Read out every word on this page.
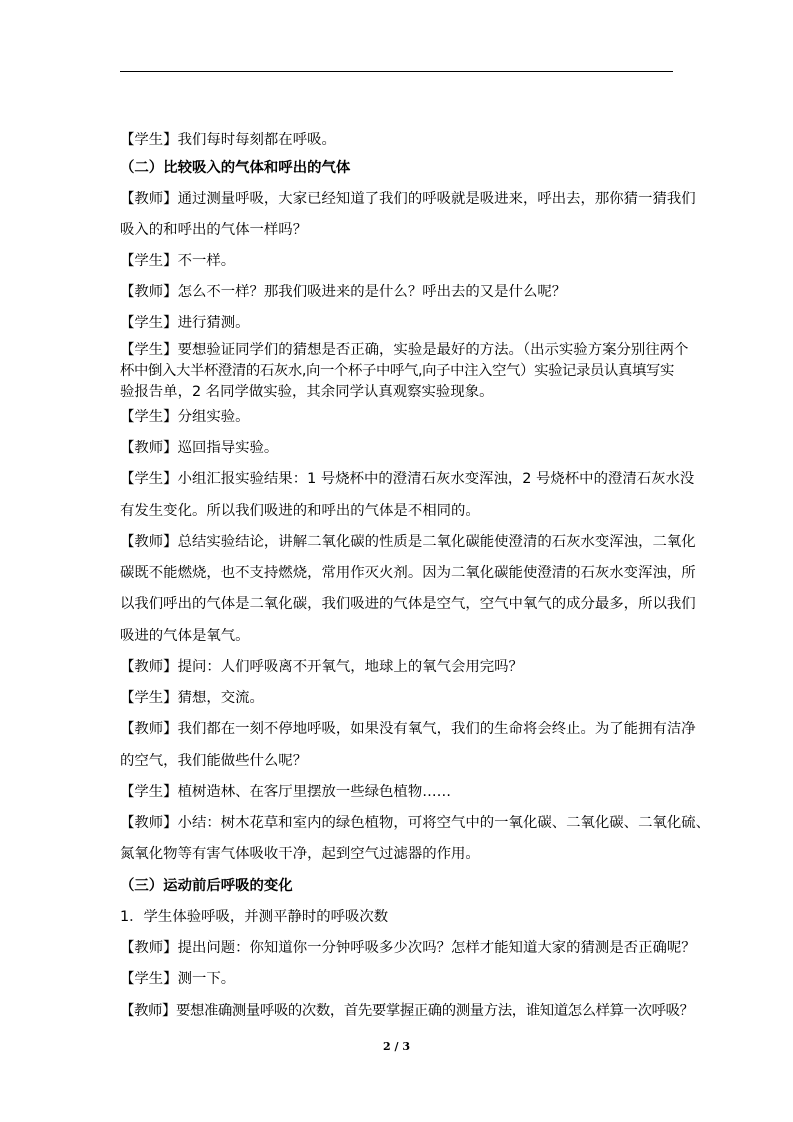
【学生】我们每时每刻都在呼吸。
（二）比较吸入的气体和呼出的气体
【教师】通过测量呼吸，大家已经知道了我们的呼吸就是吸进来，呼出去，那你猜一猜我们
吸入的和呼出的气体一样吗？
【学生】不一样。
【教师】怎么不一样？那我们吸进来的是什么？呼出去的又是什么呢？
【学生】进行猜测。
【学生】要想验证同学们的猜想是否正确，实验是最好的方法。（出示实验方案分别往两个
杯中倒入大半杯澄清的石灰水,向一个杯子中呼气,向子中注入空气）实验记录员认真填写实
验报告单，2 名同学做实验，其余同学认真观察实验现象。
【学生】分组实验。
【教师】巡回指导实验。
【学生】小组汇报实验结果：1 号烧杯中的澄清石灰水变浑浊，2 号烧杯中的澄清石灰水没
有发生变化。所以我们吸进的和呼出的气体是不相同的。
【教师】总结实验结论，讲解二氧化碳的性质是二氧化碳能使澄清的石灰水变浑浊，二氧化
碳既不能燃烧，也不支持燃烧，常用作灭火剂。因为二氧化碳能使澄清的石灰水变浑浊，所
以我们呼出的气体是二氧化碳，我们吸进的气体是空气，空气中氧气的成分最多，所以我们
吸进的气体是氧气。
【教师】提问：人们呼吸离不开氧气，地球上的氧气会用完吗？
【学生】猜想，交流。
【教师】我们都在一刻不停地呼吸，如果没有氧气，我们的生命将会终止。为了能拥有洁净
的空气，我们能做些什么呢？
【学生】植树造林、在客厅里摆放一些绿色植物……
【教师】小结：树木花草和室内的绿色植物，可将空气中的一氧化碳、二氧化碳、二氧化硫、
氮氧化物等有害气体吸收干净，起到空气过滤器的作用。
（三）运动前后呼吸的变化
1．学生体验呼吸，并测平静时的呼吸次数
【教师】提出问题：你知道你一分钟呼吸多少次吗？怎样才能知道大家的猜测是否正确呢？
【学生】测一下。
【教师】要想准确测量呼吸的次数，首先要掌握正确的测量方法，谁知道怎么样算一次呼吸？
2 / 3
